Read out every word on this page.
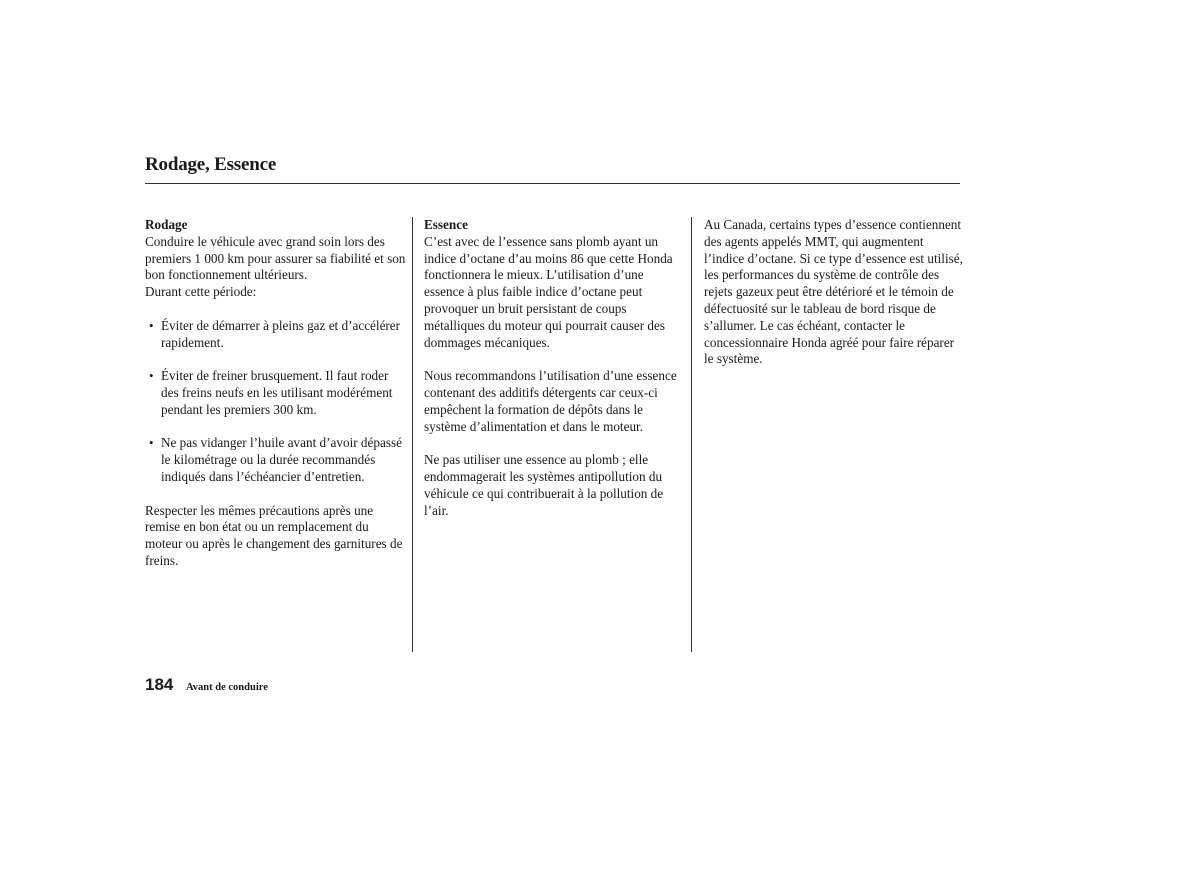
Rodage, Essence
Rodage

Conduire le véhicule avec grand soin lors des premiers 1 000 km pour assurer sa fiabilité et son bon fonctionnement ultérieurs.

Durant cette période:

• Éviter de démarrer à pleins gaz et d’accélérer rapidement.
• Éviter de freiner brusquement. Il faut roder des freins neufs en les utilisant modérément pendant les premiers 300 km.
• Ne pas vidanger l’huile avant d’avoir dépassé le kilométrage ou la durée recommandés indiqués dans l’échéancier d’entretien.

Respecter les mêmes précautions après une remise en bon état ou un remplacement du moteur ou après le changement des garnitures de freins.

Essence

C’est avec de l’essence sans plomb ayant un indice d’octane d’au moins 86 que cette Honda fonctionnera le mieux. L’utilisation d’une essence à plus faible indice d’octane peut provoquer un bruit persistant de coups métalliques du moteur qui pourrait causer des dommages mécaniques.

Nous recommandons l’utilisation d’une essence contenant des additifs détergents car ceux-ci empêchent la formation de dépôts dans le système d’alimentation et dans le moteur.

Ne pas utiliser une essence au plomb ; elle endommagerait les systèmes antipollution du véhicule ce qui contribuerait à la pollution de l’air.

Au Canada, certains types d’essence contiennent des agents appelés MMT, qui augmentent l’indice d’octane. Si ce type d’essence est utilisé, les performances du système de contrôle des rejets gazeux peut être détérioré et le témoin de défectuosité sur le tableau de bord risque de s’allumer. Le cas échéant, contacter le concessionnaire Honda agréé pour faire réparer le système.

184 Avant de conduire
